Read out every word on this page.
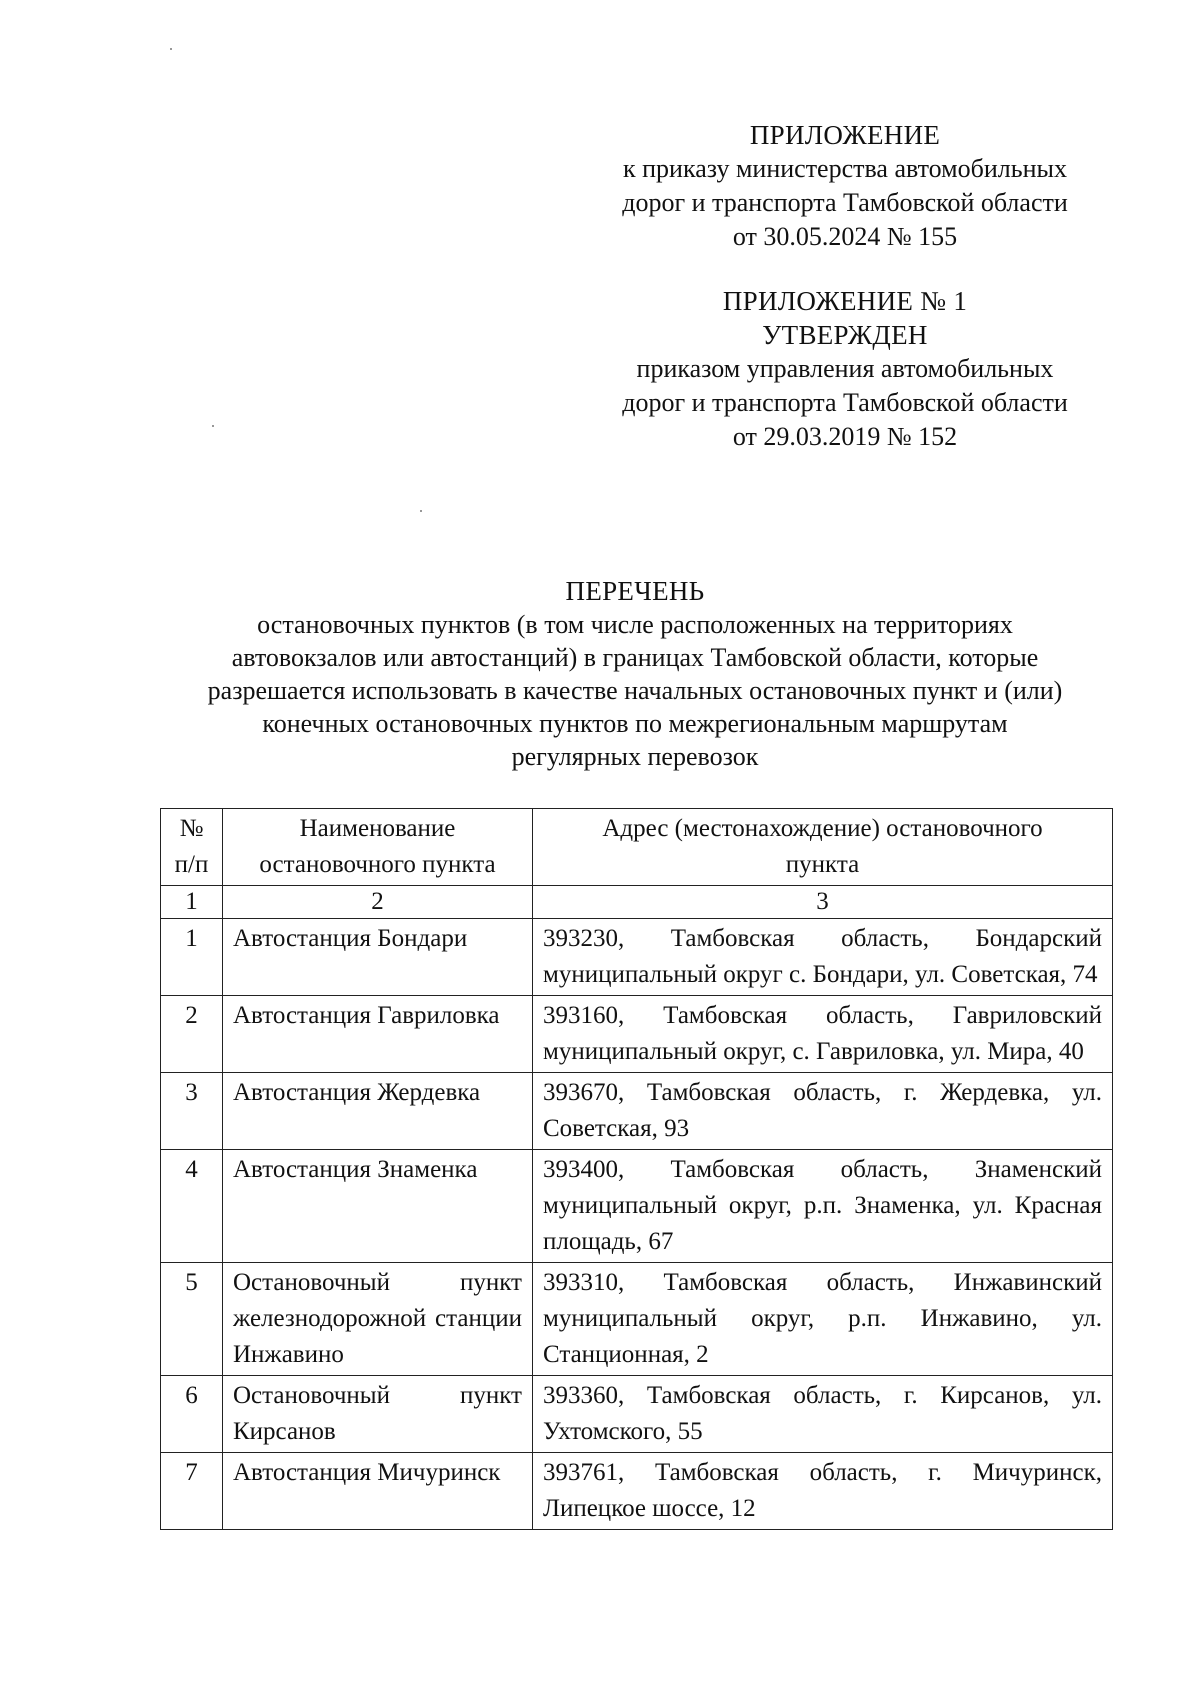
ПРИЛОЖЕНИЕ
к приказу министерства автомобильных
дорог и транспорта Тамбовской области
от 30.05.2024 № 155
ПРИЛОЖЕНИЕ № 1
УТВЕРЖДЕН
приказом управления автомобильных
дорог и транспорта Тамбовской области
от 29.03.2019 № 152
ПЕРЕЧЕНЬ
остановочных пунктов (в том числе расположенных на территориях
автовокзалов или автостанций) в границах Тамбовской области, которые
разрешается использовать в качестве начальных остановочных пункт и (или)
конечных остановочных пунктов по межрегиональным маршрутам
регулярных перевозок
№ п/п	Наименование остановочного пункта	Адрес (местонахождение) остановочного пункта
1	2	3
1	Автостанция Бондари	393230, Тамбовская область, Бондарский муниципальный округ с. Бондари, ул. Советская, 74
2	Автостанция Гавриловка	393160, Тамбовская область, Гавриловский муниципальный округ, с. Гавриловка, ул. Мира, 40
3	Автостанция Жердевка	393670, Тамбовская область, г. Жердевка, ул. Советская, 93
4	Автостанция Знаменка	393400, Тамбовская область, Знаменский муниципальный округ, р.п. Знаменка, ул. Красная площадь, 67
5	Остановочный пункт железнодорожной станции Инжавино	393310, Тамбовская область, Инжавинский муниципальный округ, р.п. Инжавино, ул. Станционная, 2
6	Остановочный пункт Кирсанов	393360, Тамбовская область, г. Кирсанов, ул. Ухтомского, 55
7	Автостанция Мичуринск	393761, Тамбовская область, г. Мичуринск, Липецкое шоссе, 12
